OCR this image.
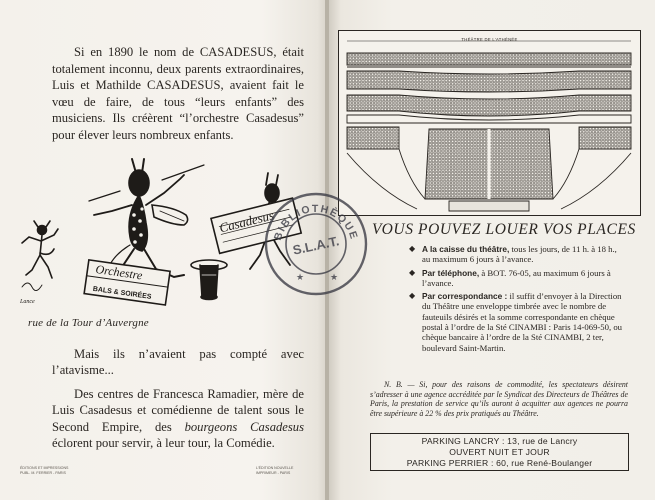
Si en 1890 le nom de CASADESUS, était totalement inconnu, deux parents extraordinaires, Luis et Mathilde CASADESUS, avaient fait le vœu de faire, de tous “leurs enfants” des musiciens. Ils créèrent “l’orchestre Casadesus” pour élever leurs nombreux enfants.
Orchestre
BALS & SOIRÉES
Casadesus
Lance
rue de la Tour d’Auvergne

Mais ils n’avaient pas compté avec l’atavisme...

Des centres de Francesca Ramadier, mère de Luis Casadesus et comédienne de talent sous le Second Empire, des bourgeons Casadesus éclorent pour servir, à leur tour, la Comédie.

ÉDITIONS ET IMPRESSIONS
PUBL. M. FERRIER - PARIS
L’ÉDITION NOUVELLE
IMPRIMEUR - PARIS
THÉÂTRE DE L’ATHÉNÉE
VOUS POUVEZ LOUER VOS PLACES
◆ A la caisse du théâtre, tous les jours, de 11 h. à 18 h., au maximum 6 jours à l’avance.
◆ Par téléphone, à BOT. 76-05, au maximum 6 jours à l’avance.
◆ Par correspondance : il suffit d’envoyer à la Direction du Théâtre une enveloppe timbrée avec le nombre de fauteuils désirés et la somme correspondante en chèque postal à l’ordre de la Sté CINAMBI : Paris 14-069-50, ou chèque bancaire à l’ordre de la Sté CINAMBI, 2 ter, boulevard Saint-Martin.
N. B. — Si, pour des raisons de commodité, les spectateurs désirent s’adresser à une agence accréditée par le Syndicat des Directeurs de Théâtres de Paris, la prestation de service qu’ils auront à acquitter aux agences ne pourra être supérieure à 22 % des prix pratiqués au Théâtre.
PARKING LANCRY : 13, rue de Lancry
OUVERT NUIT ET JOUR
PARKING PERRIER : 60, rue René-Boulanger
BIBLIOTHÈQUE
S.L.A.T.
★	★
